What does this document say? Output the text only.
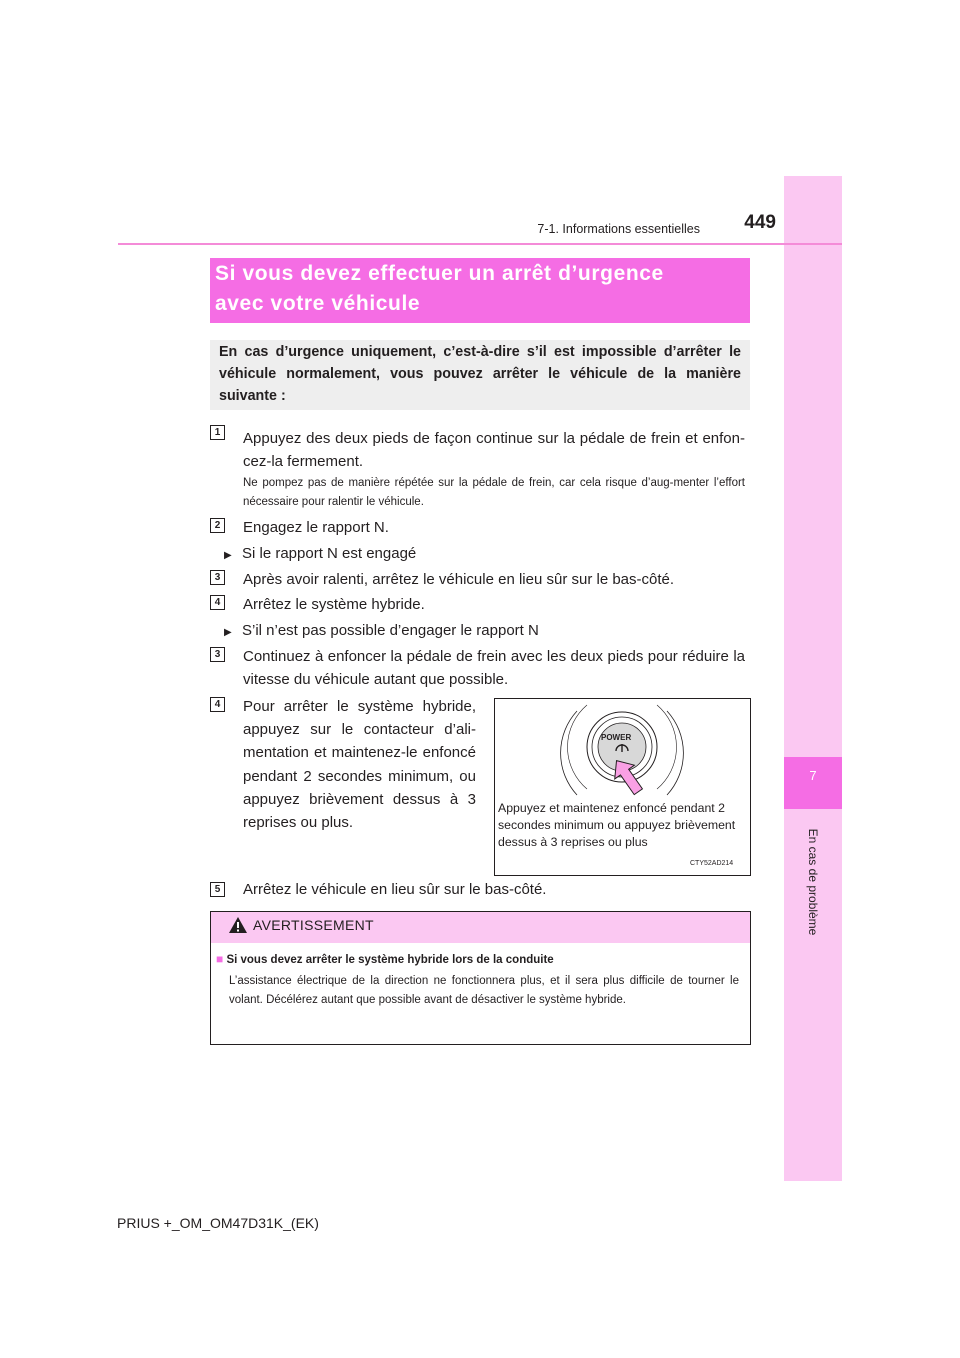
7
En cas de problème
7-1. Informations essentielles	449
Si vous devez effectuer un arrêt d’urgence
avec votre véhicule
En cas d’urgence uniquement, c’est-à-dire s’il est impossible d’arrêter le véhicule normalement, vous pouvez arrêter le véhicule de la manière suivante :
1	Appuyez des deux pieds de façon continue sur la pédale de frein et enfon-cez-la fermement.
Ne pompez pas de manière répétée sur la pédale de frein, car cela risque d’aug-menter l’effort nécessaire pour ralentir le véhicule.
2	Engagez le rapport N.
▶ Si le rapport N est engagé
3	Après avoir ralenti, arrêtez le véhicule en lieu sûr sur le bas-côté.
4	Arrêtez le système hybride.
▶ S’il n’est pas possible d’engager le rapport N
3	Continuez à enfoncer la pédale de frein avec les deux pieds pour réduire la vitesse du véhicule autant que possible.
4	Pour arrêter le système hybride, appuyez sur le contacteur d’ali-mentation et maintenez-le enfoncé pendant 2 secondes minimum, ou appuyez brièvement dessus à 3 reprises ou plus.
POWER
Appuyez et maintenez enfoncé pendant 2 secondes minimum ou appuyez brièvement dessus à 3 reprises ou plus
CTY52AD214
5	Arrêtez le véhicule en lieu sûr sur le bas-côté.
AVERTISSEMENT
■ Si vous devez arrêter le système hybride lors de la conduite
L’assistance électrique de la direction ne fonctionnera plus, et il sera plus difficile de tourner le volant. Décélérez autant que possible avant de désactiver le système hybride.
PRIUS +_OM_OM47D31K_(EK)
